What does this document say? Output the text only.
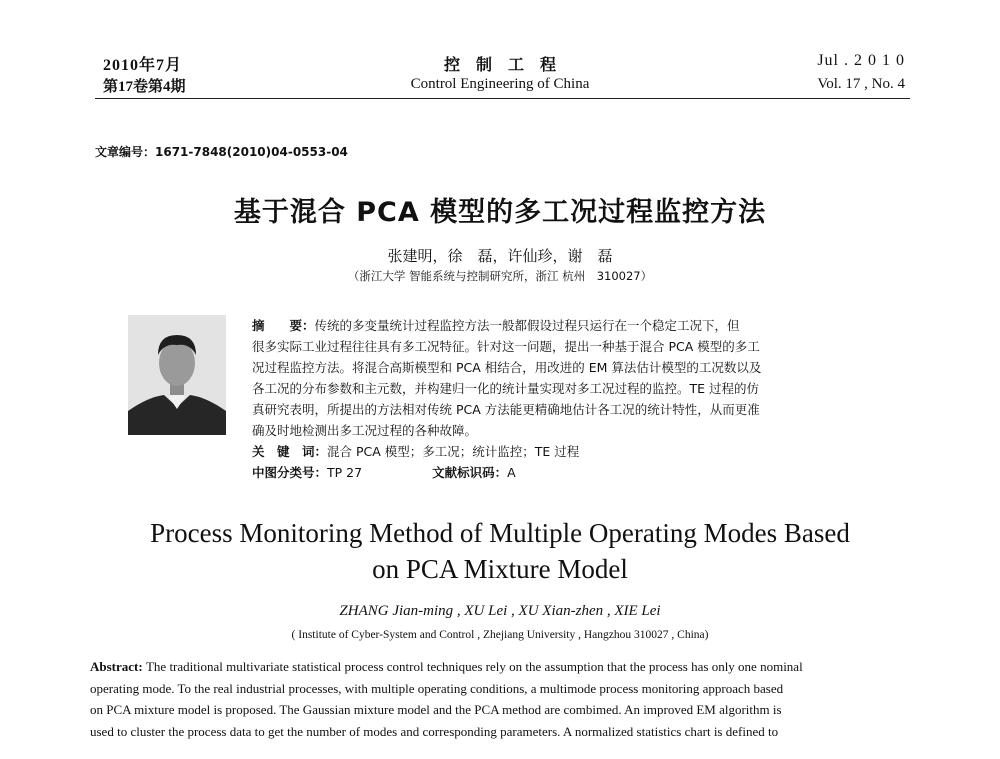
2010年7月
第17卷第4期
控　制　工　程
Control Engineering of China
Jul . 2 0 1 0
Vol. 17 , No. 4
文章编号：1671-7848(2010)04-0553-04
基于混合 PCA 模型的多工况过程监控方法
张建明，徐　磊，许仙珍，谢　磊
（浙江大学 智能系统与控制研究所，浙江 杭州　310027）
摘　　要：传统的多变量统计过程监控方法一般都假设过程只运行在一个稳定工况下，但
很多实际工业过程往往具有多工况特征。针对这一问题，提出一种基于混合 PCA 模型的多工
况过程监控方法。将混合高斯模型和 PCA 相结合，用改进的 EM 算法估计模型的工况数以及
各工况的分布参数和主元数，并构建归一化的统计量实现对多工况过程的监控。TE 过程的仿
真研究表明，所提出的方法相对传统 PCA 方法能更精确地估计各工况的统计特性，从而更准
确及时地检测出多工况过程的各种故障。
关　键　词：混合 PCA 模型；多工况；统计监控；TE 过程
中图分类号：TP 27	文献标识码：A
Process Monitoring Method of Multiple Operating Modes Based
on PCA Mixture Model
ZHANG Jian-ming , XU Lei , XU Xian-zhen , XIE Lei
( Institute of Cyber-System and Control , Zhejiang University , Hangzhou 310027 , China)
Abstract: The traditional multivariate statistical process control techniques rely on the assumption that the process has only one nominal
operating mode. To the real industrial processes, with multiple operating conditions, a multimode process monitoring approach based
on PCA mixture model is proposed. The Gaussian mixture model and the PCA method are combimed. An improved EM algorithm is
used to cluster the process data to get the number of modes and corresponding parameters. A normalized statistics chart is defined to
